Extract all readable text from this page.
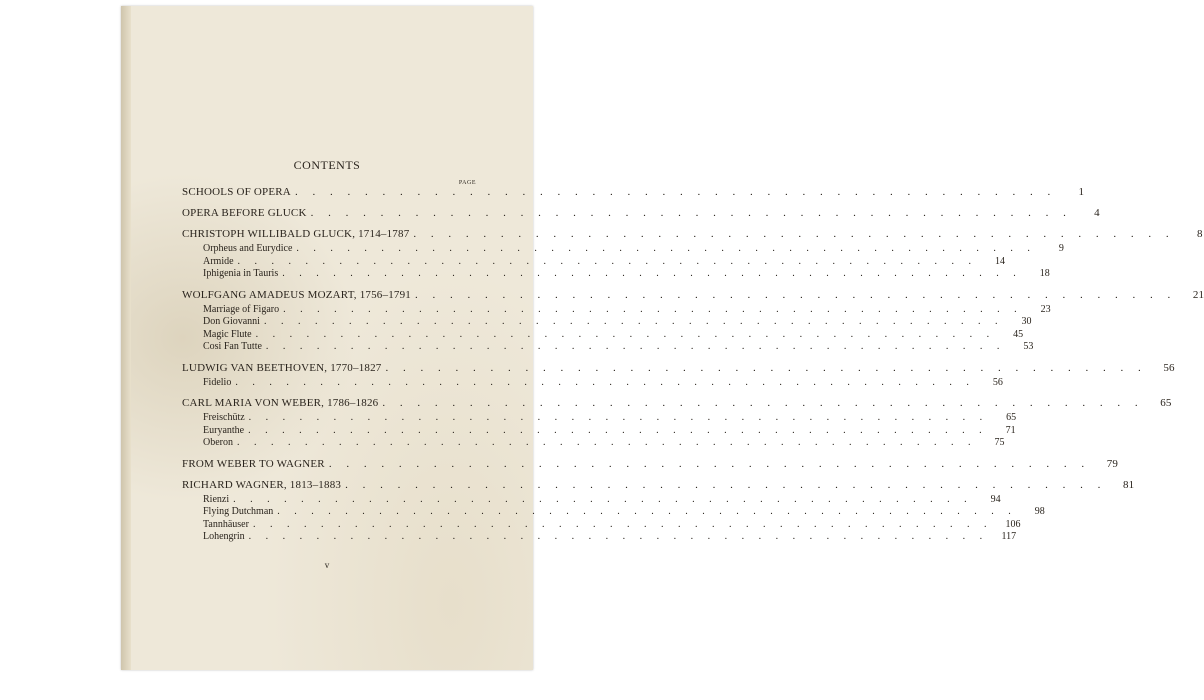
CONTENTS
PAGE
SCHOOLS OF OPERA . . . . . . . . . . . . . . . . . . . . . . . . . . . . . . . . . . . . . . . . . . . .	1
OPERA BEFORE GLUCK . . . . . . . . . . . . . . . . . . . . . . . . . . . . . . . . . . . . . . . . . . . .	4
CHRISTOPH WILLIBALD GLUCK, 1714–1787 . . . . . . . . . . . . . . . . . . . . . . . . . . . . . . . . . . . . . . . . . . . .	8
Orpheus and Eurydice . . . . . . . . . . . . . . . . . . . . . . . . . . . . . . . . . . . . . . . . . . . .	9
Armide . . . . . . . . . . . . . . . . . . . . . . . . . . . . . . . . . . . . . . . . . . . .	14
Iphigenia in Tauris . . . . . . . . . . . . . . . . . . . . . . . . . . . . . . . . . . . . . . . . . . . .	18
WOLFGANG AMADEUS MOZART, 1756–1791 . . . . . . . . . . . . . . . . . . . . . . . . . . . . . . . . . . . . . . . . . . . .	21
Marriage of Figaro . . . . . . . . . . . . . . . . . . . . . . . . . . . . . . . . . . . . . . . . . . . .	23
Don Giovanni . . . . . . . . . . . . . . . . . . . . . . . . . . . . . . . . . . . . . . . . . . . .	30
Magic Flute . . . . . . . . . . . . . . . . . . . . . . . . . . . . . . . . . . . . . . . . . . . .	45
Cosi Fan Tutte . . . . . . . . . . . . . . . . . . . . . . . . . . . . . . . . . . . . . . . . . . . .	53
LUDWIG VAN BEETHOVEN, 1770–1827 . . . . . . . . . . . . . . . . . . . . . . . . . . . . . . . . . . . . . . . . . . . .	56
Fidelio . . . . . . . . . . . . . . . . . . . . . . . . . . . . . . . . . . . . . . . . . . . .	56
CARL MARIA VON WEBER, 1786–1826 . . . . . . . . . . . . . . . . . . . . . . . . . . . . . . . . . . . . . . . . . . . .	65
Freischütz . . . . . . . . . . . . . . . . . . . . . . . . . . . . . . . . . . . . . . . . . . . .	65
Euryanthe . . . . . . . . . . . . . . . . . . . . . . . . . . . . . . . . . . . . . . . . . . . .	71
Oberon . . . . . . . . . . . . . . . . . . . . . . . . . . . . . . . . . . . . . . . . . . . .	75
FROM WEBER TO WAGNER . . . . . . . . . . . . . . . . . . . . . . . . . . . . . . . . . . . . . . . . . . . .	79
RICHARD WAGNER, 1813–1883 . . . . . . . . . . . . . . . . . . . . . . . . . . . . . . . . . . . . . . . . . . . .	81
Rienzi . . . . . . . . . . . . . . . . . . . . . . . . . . . . . . . . . . . . . . . . . . . .	94
Flying Dutchman . . . . . . . . . . . . . . . . . . . . . . . . . . . . . . . . . . . . . . . . . . . .	98
Tannhäuser . . . . . . . . . . . . . . . . . . . . . . . . . . . . . . . . . . . . . . . . . . . .	106
Lohengrin . . . . . . . . . . . . . . . . . . . . . . . . . . . . . . . . . . . . . . . . . . . .	117
v
